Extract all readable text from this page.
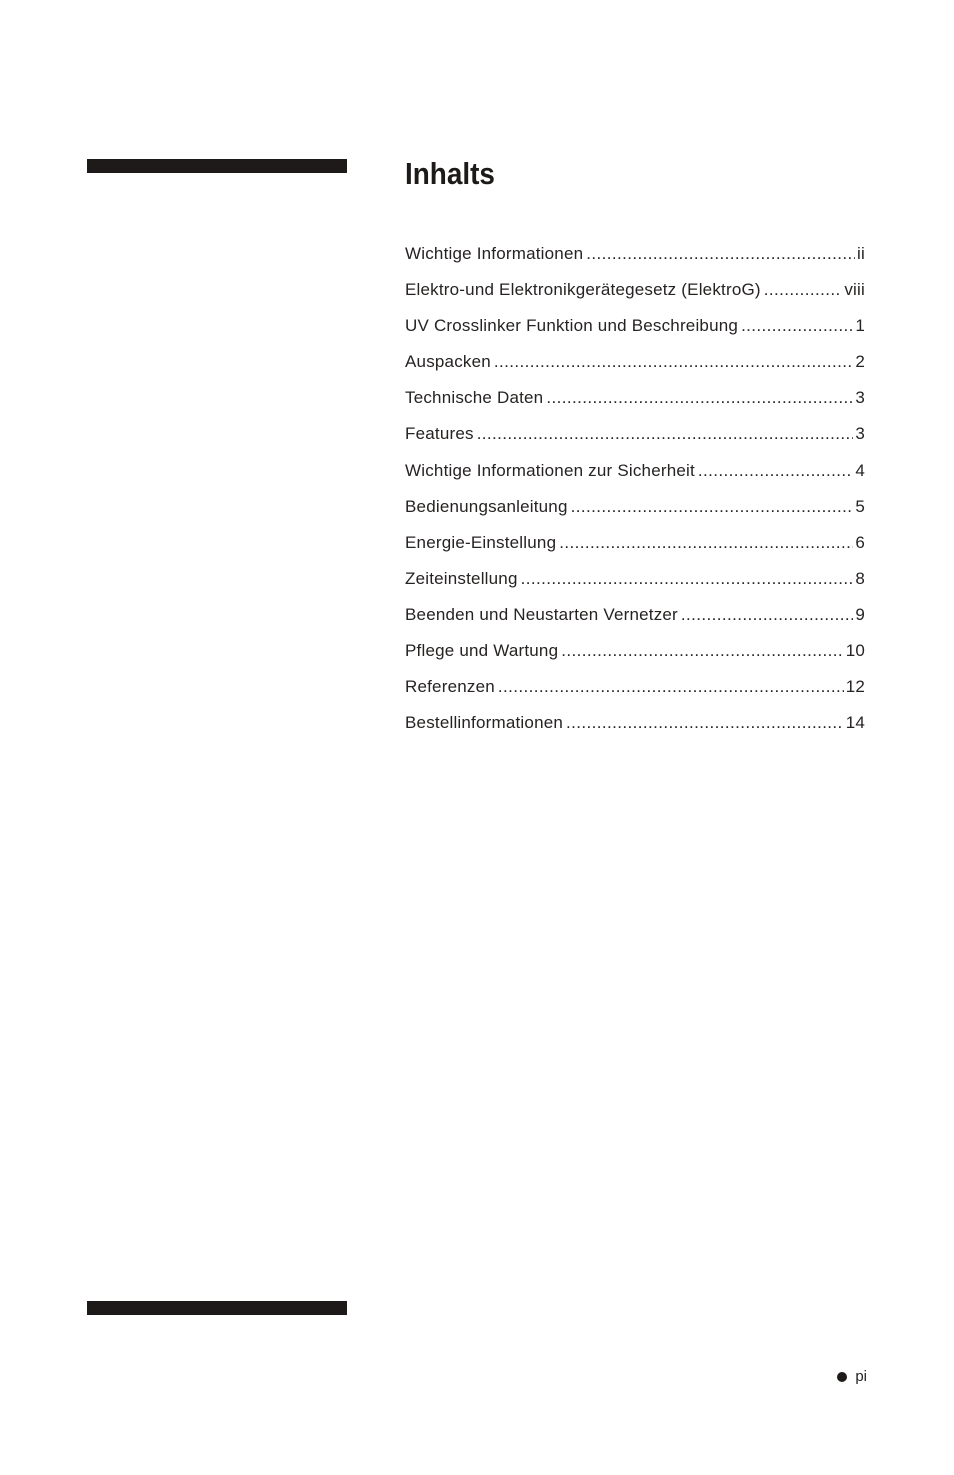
Inhalts
Wichtige Informationen .....	ii
Elektro-und Elektronikgerätegesetz (ElektroG) .....	viii
UV Crosslinker Funktion und Beschreibung .....	1
Auspacken .....	2
Technische Daten .....	3
Features .....	3
Wichtige Informationen zur Sicherheit .....	4
Bedienungsanleitung .....	5
Energie-Einstellung .....	6
Zeiteinstellung .....	8
Beenden und Neustarten Vernetzer .....	9
Pflege und Wartung .....	10
Referenzen .....	12
Bestellinformationen .....	14
pi
